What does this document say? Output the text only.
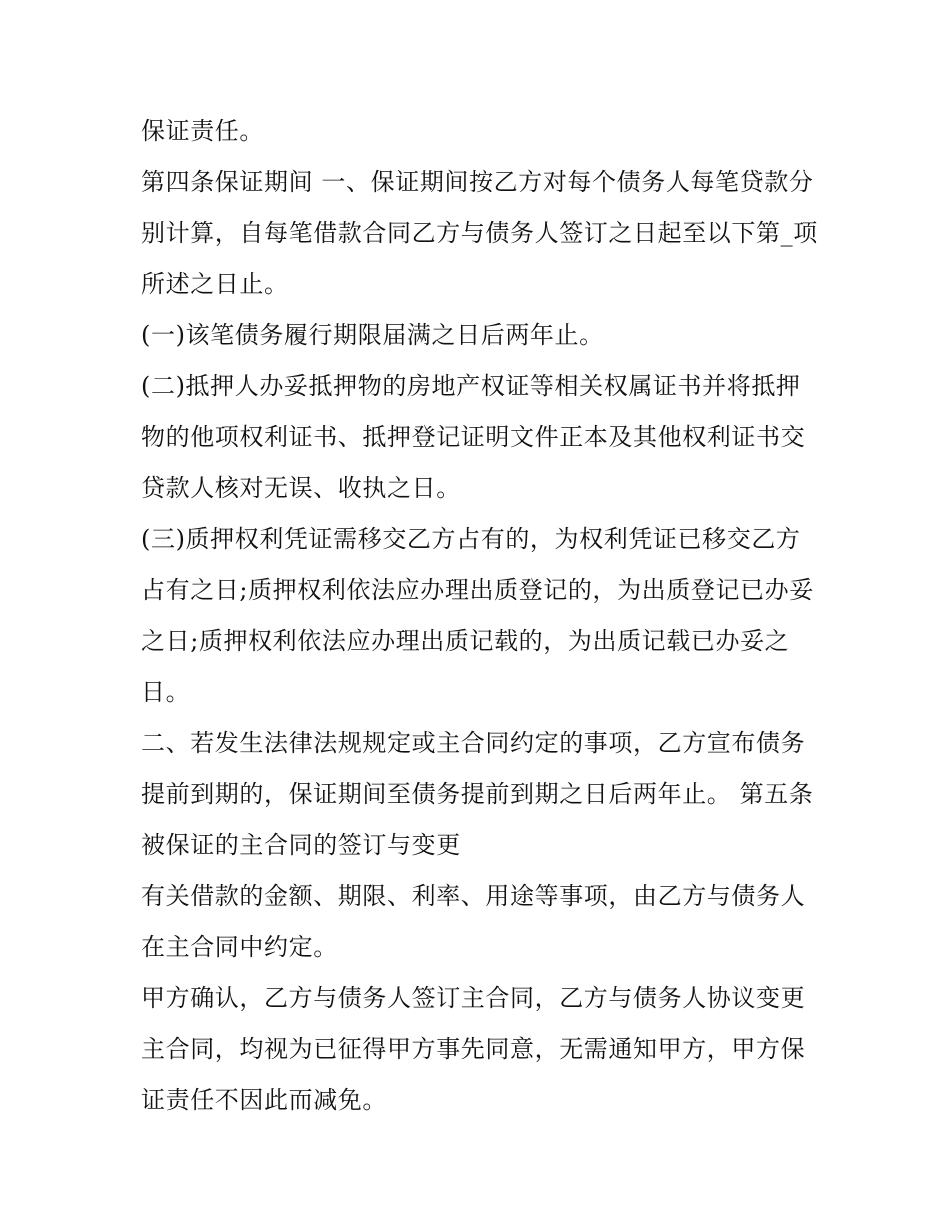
保证责任。

第四条保证期间 一、保证期间按乙方对每个债务人每笔贷款分别计算，自每笔借款合同乙方与债务人签订之日起至以下第_项所述之日止。

(一)该笔债务履行期限届满之日后两年止。

(二)抵押人办妥抵押物的房地产权证等相关权属证书并将抵押物的他项权利证书、抵押登记证明文件正本及其他权利证书交贷款人核对无误、收执之日。

(三)质押权利凭证需移交乙方占有的，为权利凭证已移交乙方占有之日;质押权利依法应办理出质登记的，为出质登记已办妥之日;质押权利依法应办理出质记载的，为出质记载已办妥之日。

二、若发生法律法规规定或主合同约定的事项，乙方宣布债务提前到期的，保证期间至债务提前到期之日后两年止。 第五条被保证的主合同的签订与变更

有关借款的金额、期限、利率、用途等事项，由乙方与债务人在主合同中约定。

甲方确认，乙方与债务人签订主合同，乙方与债务人协议变更主合同，均视为已征得甲方事先同意，无需通知甲方，甲方保证责任不因此而减免。
